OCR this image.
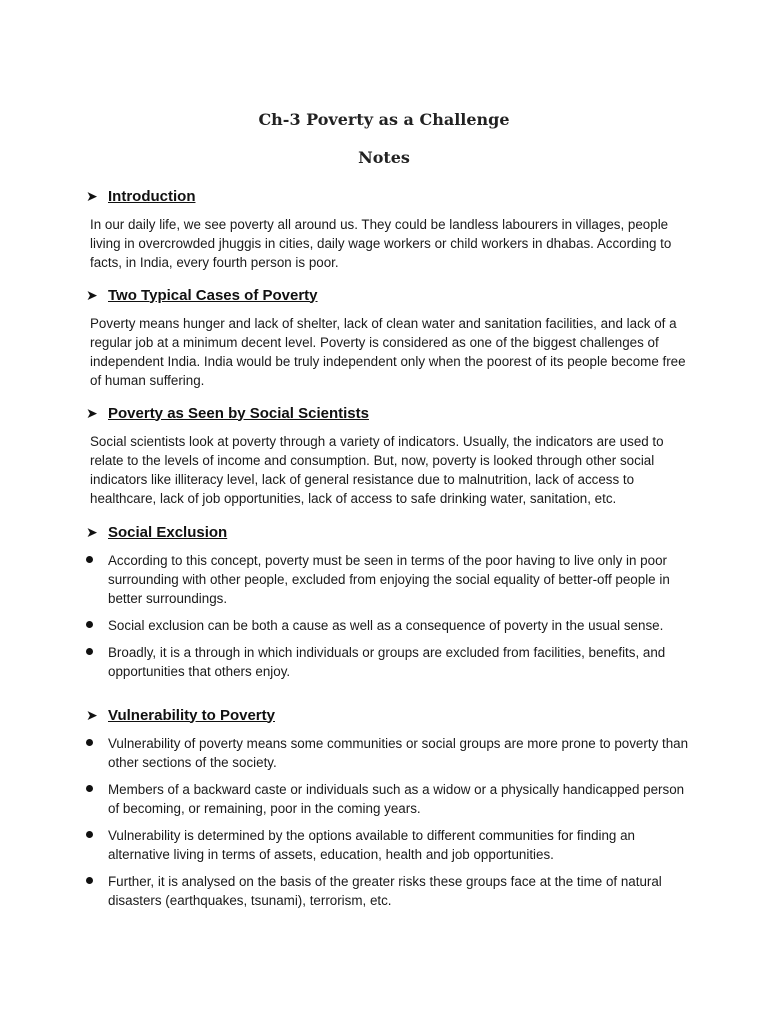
Ch-3 Poverty as a Challenge
Notes
➤ Introduction

In our daily life, we see poverty all around us. They could be landless labourers in villages, people living in overcrowded jhuggis in cities, daily wage workers or child workers in dhabas. According to facts, in India, every fourth person is poor.

➤ Two Typical Cases of Poverty

Poverty means hunger and lack of shelter, lack of clean water and sanitation facilities, and lack of a regular job at a minimum decent level. Poverty is considered as one of the biggest challenges of independent India. India would be truly independent only when the poorest of its people become free of human suffering.

➤ Poverty as Seen by Social Scientists

Social scientists look at poverty through a variety of indicators. Usually, the indicators are used to relate to the levels of income and consumption. But, now, poverty is looked through other social indicators like illiteracy level, lack of general resistance due to malnutrition, lack of access to healthcare, lack of job opportunities, lack of access to safe drinking water, sanitation, etc.

➤ Social Exclusion
According to this concept, poverty must be seen in terms of the poor having to live only in poor surrounding with other people, excluded from enjoying the social equality of better-off people in better surroundings.
Social exclusion can be both a cause as well as a consequence of poverty in the usual sense.
Broadly, it is a through in which individuals or groups are excluded from facilities, benefits, and opportunities that others enjoy.
➤ Vulnerability to Poverty
Vulnerability of poverty means some communities or social groups are more prone to poverty than other sections of the society.
Members of a backward caste or individuals such as a widow or a physically handicapped person of becoming, or remaining, poor in the coming years.
Vulnerability is determined by the options available to different communities for finding an alternative living in terms of assets, education, health and job opportunities.
Further, it is analysed on the basis of the greater risks these groups face at the time of natural disasters (earthquakes, tsunami), terrorism, etc.
